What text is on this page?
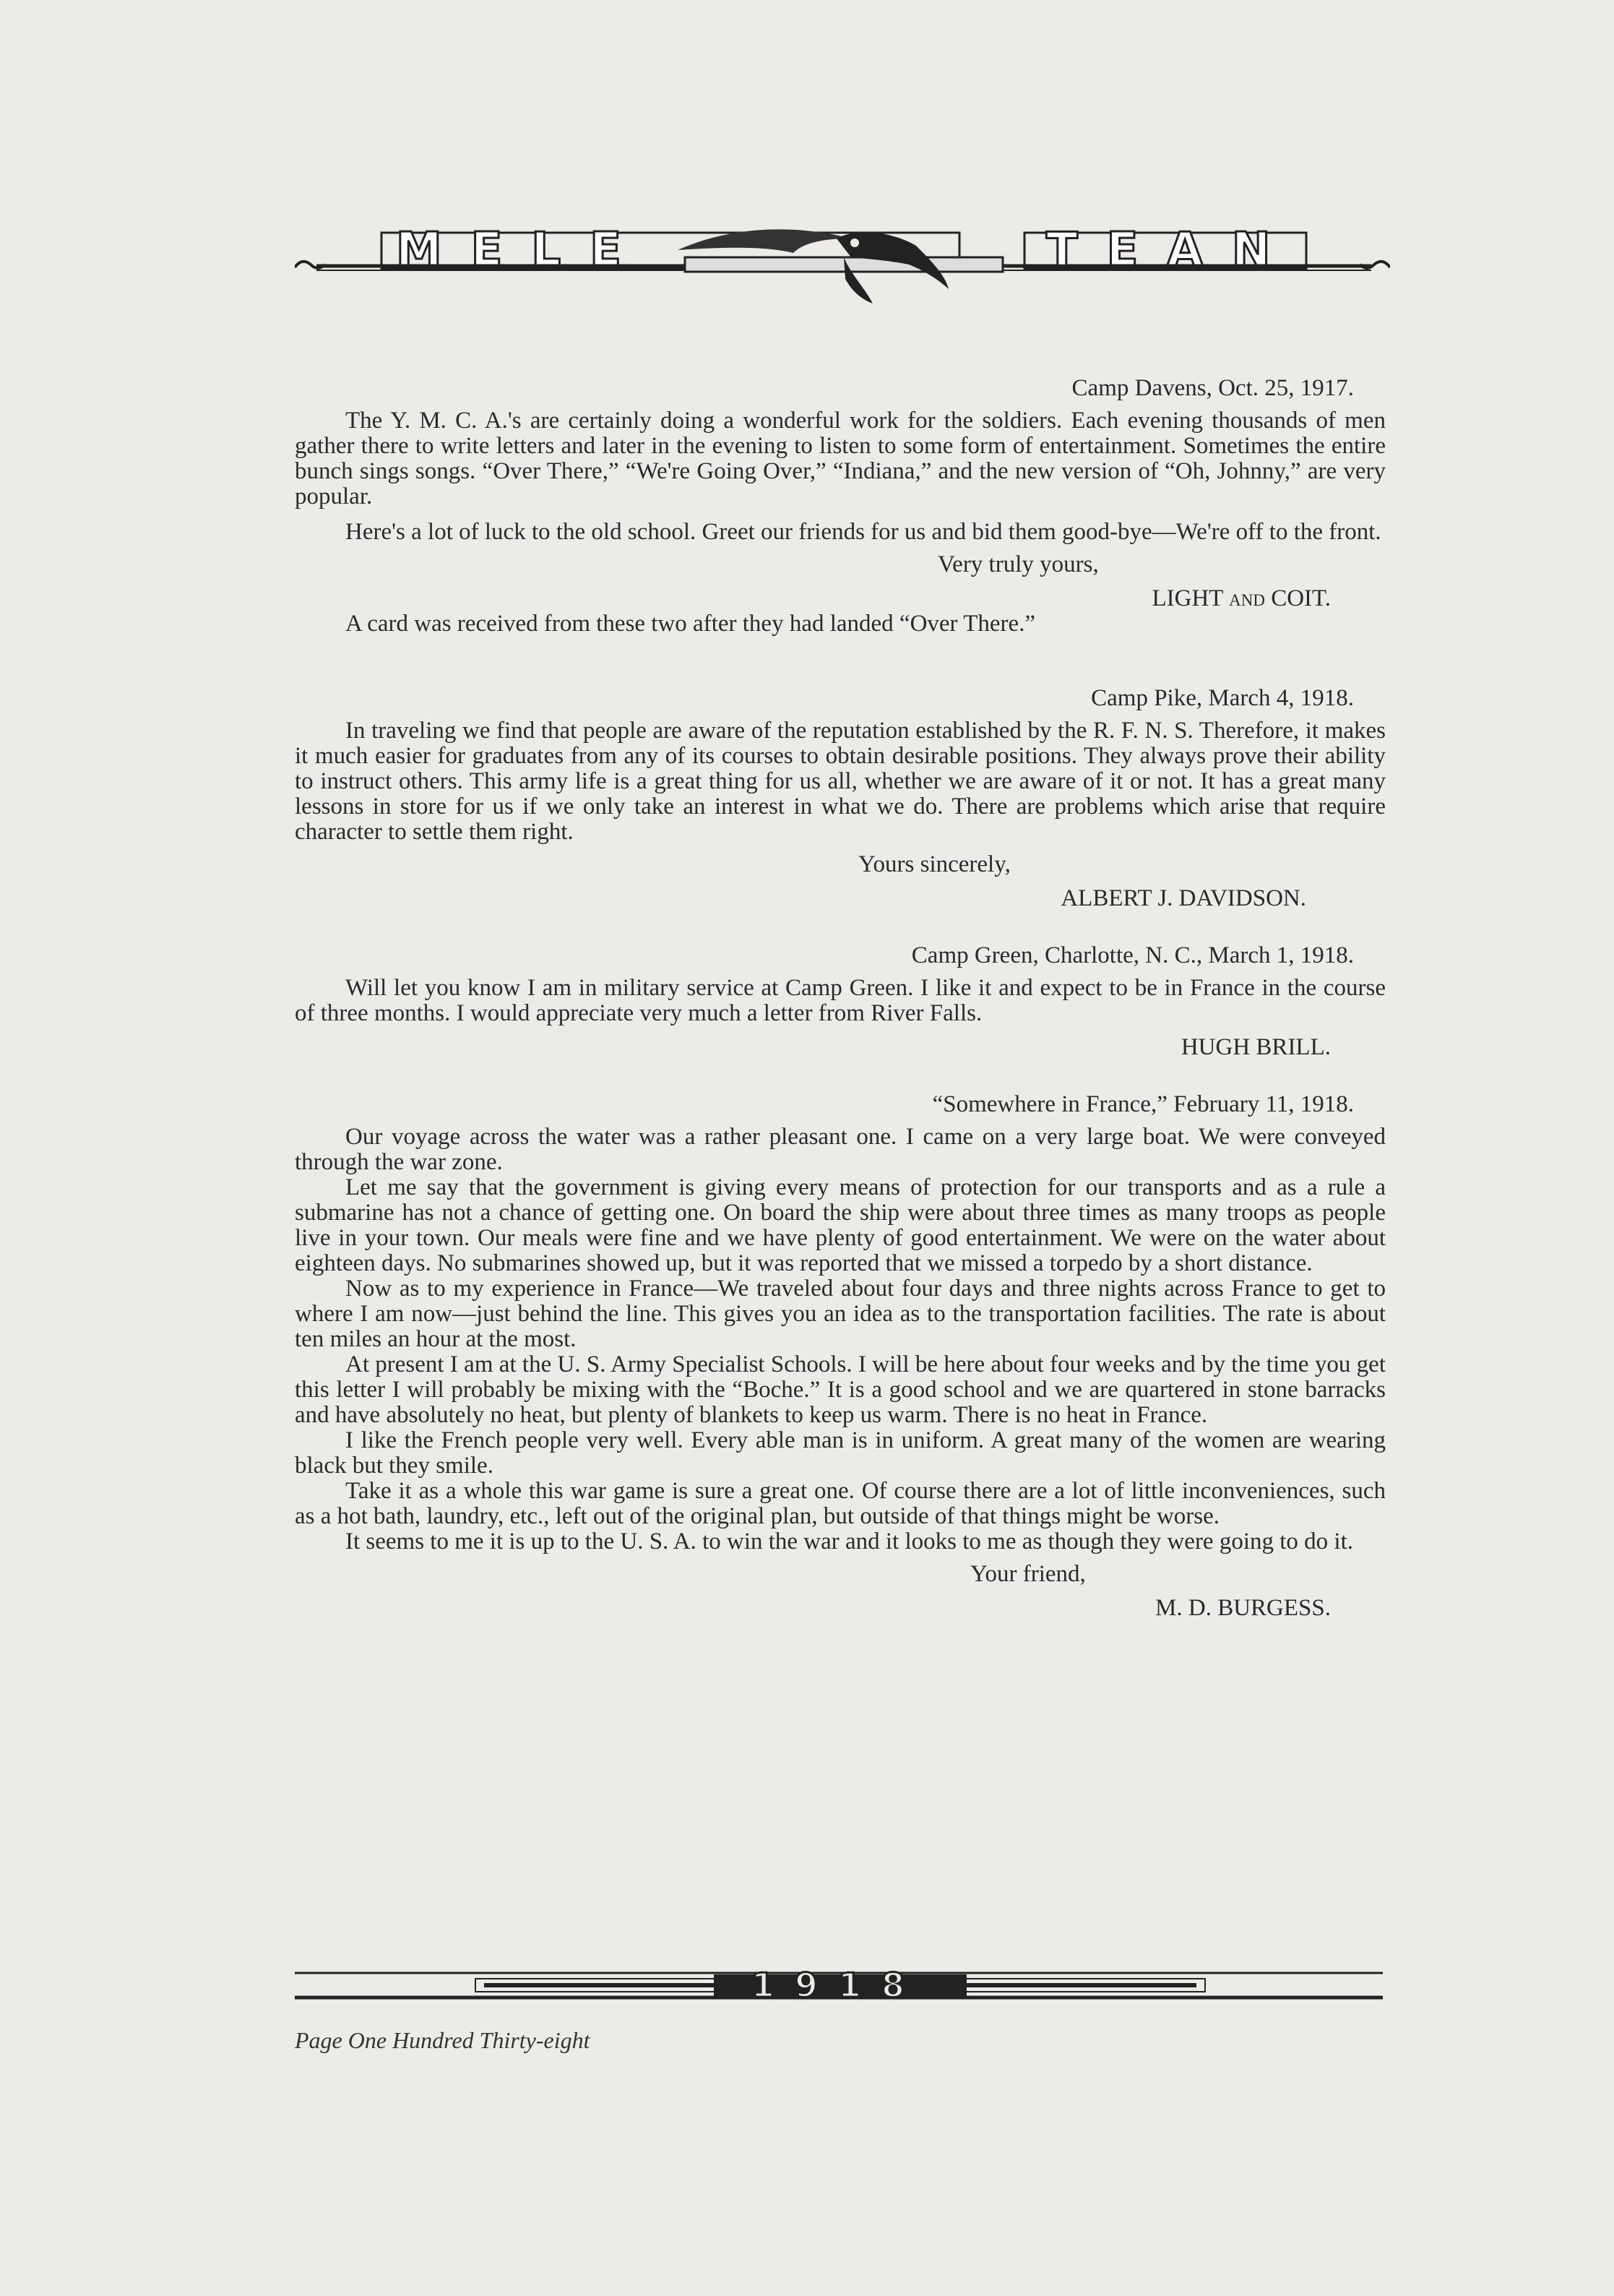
MELE	TEAN

Camp Davens, Oct. 25, 1917.

The Y. M. C. A.'s are certainly doing a wonderful work for the soldiers. Each evening thousands of men gather there to write letters and later in the evening to listen to some form of entertainment. Sometimes the entire bunch sings songs. “Over There,” “We're Going Over,” “Indiana,” and the new version of “Oh, Johnny,” are very popular.

Here's a lot of luck to the old school. Greet our friends for us and bid them good-bye—We're off to the front.

Very truly yours,

LIGHT and COIT.

A card was received from these two after they had landed “Over There.”

Camp Pike, March 4, 1918.

In traveling we find that people are aware of the reputation established by the R. F. N. S. Therefore, it makes it much easier for graduates from any of its courses to obtain desirable positions. They always prove their ability to instruct others. This army life is a great thing for us all, whether we are aware of it or not. It has a great many lessons in store for us if we only take an interest in what we do. There are problems which arise that require character to settle them right.

Yours sincerely,

ALBERT J. DAVIDSON.

Camp Green, Charlotte, N. C., March 1, 1918.

Will let you know I am in military service at Camp Green. I like it and expect to be in France in the course of three months. I would appreciate very much a letter from River Falls.

HUGH BRILL.

“Somewhere in France,” February 11, 1918.

Our voyage across the water was a rather pleasant one. I came on a very large boat. We were conveyed through the war zone.

Let me say that the government is giving every means of protection for our transports and as a rule a submarine has not a chance of getting one. On board the ship were about three times as many troops as people live in your town. Our meals were fine and we have plenty of good entertainment. We were on the water about eighteen days. No submarines showed up, but it was reported that we missed a torpedo by a short distance.

Now as to my experience in France—We traveled about four days and three nights across France to get to where I am now—just behind the line. This gives you an idea as to the transportation facilities. The rate is about ten miles an hour at the most.

At present I am at the U. S. Army Specialist Schools. I will be here about four weeks and by the time you get this letter I will probably be mixing with the “Boche.” It is a good school and we are quartered in stone barracks and have absolutely no heat, but plenty of blankets to keep us warm. There is no heat in France.

I like the French people very well. Every able man is in uniform. A great many of the women are wearing black but they smile.

Take it as a whole this war game is sure a great one. Of course there are a lot of little inconveniences, such as a hot bath, laundry, etc., left out of the original plan, but outside of that things might be worse.

It seems to me it is up to the U. S. A. to win the war and it looks to me as though they were going to do it.

Your friend,

M. D. BURGESS.

1918
Page One Hundred Thirty-eight
